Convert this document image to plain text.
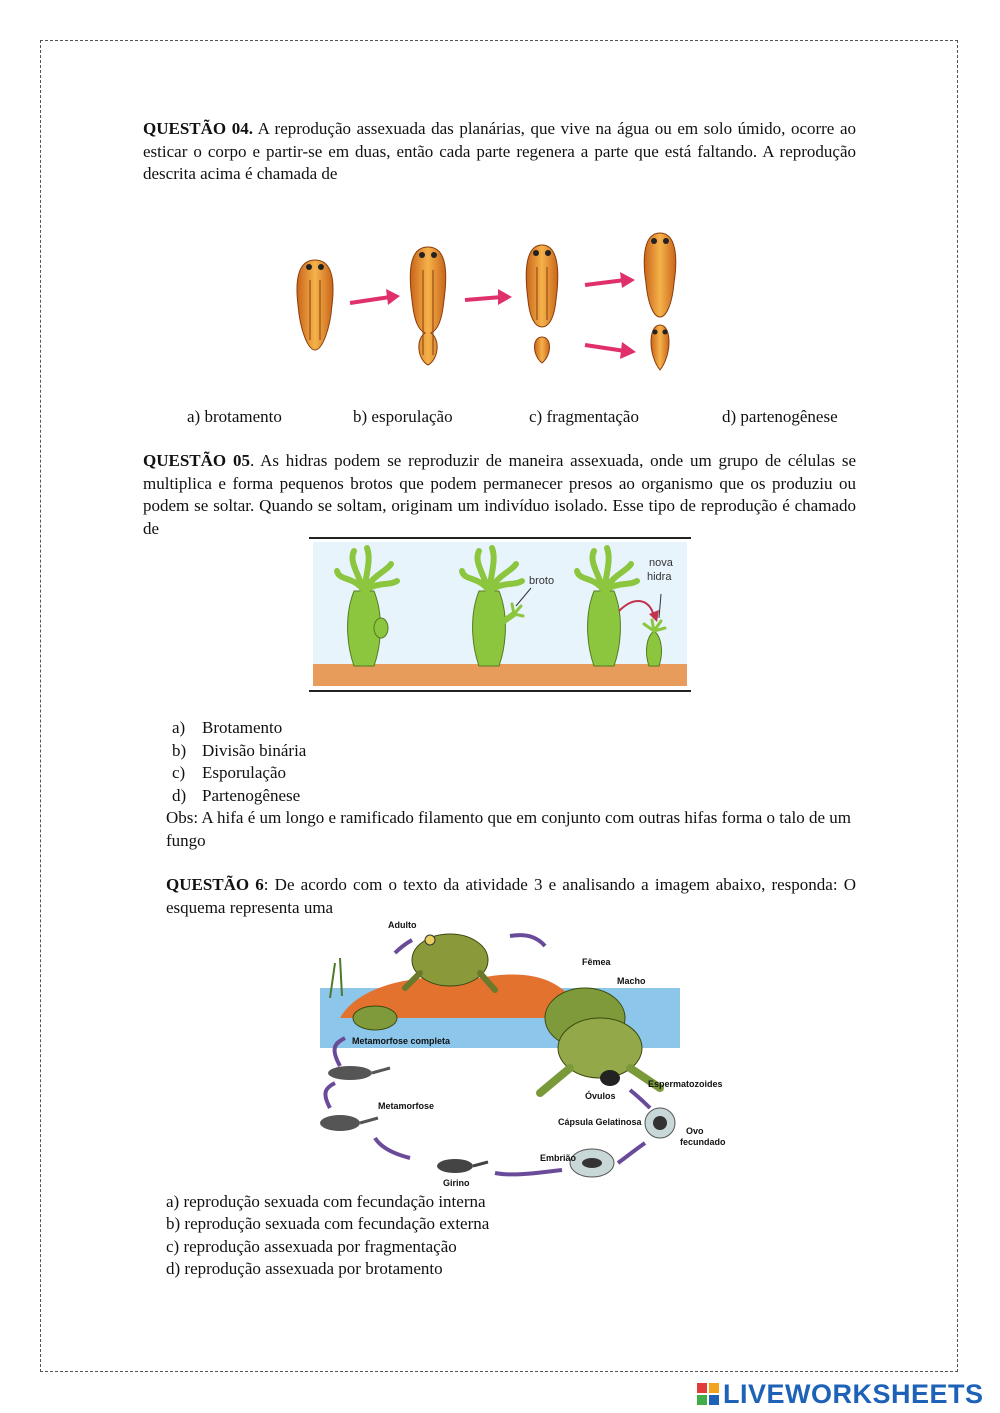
QUESTÃO 04. A reprodução assexuada das planárias, que vive na água ou em solo úmido, ocorre ao esticar o corpo e partir-se em duas, então cada parte regenera a parte que está faltando. A reprodução descrita acima é chamada de

a) brotamento	b) esporulação	c) fragmentação	d) partenogênese

QUESTÃO 05. As hidras podem se reproduzir de maneira assexuada, onde um grupo de células se multiplica e forma pequenos brotos que podem permanecer presos ao organismo que os produziu ou podem se soltar. Quando se soltam, originam um indivíduo isolado. Esse tipo de reprodução é chamado de

broto
nova
hidra
a) Brotamento
b) Divisão binária
c) Esporulação
d) Partenogênese

Obs: A hifa é um longo e ramificado filamento que em conjunto com outras hifas forma o talo de um fungo

QUESTÃO 6: De acordo com o texto da atividade 3 e analisando a imagem abaixo, responda: O esquema representa uma

Adulto
Fêmea
Macho
Metamorfose completa
Metamorfose
Espermatozoides
Óvulos
Cápsula Gelatinosa
Ovo
fecundado
Embrião
Girino
a) reprodução sexuada com fecundação interna
b) reprodução sexuada com fecundação externa
c) reprodução assexuada por fragmentação
d) reprodução assexuada por brotamento
LIVEWORKSHEETS
